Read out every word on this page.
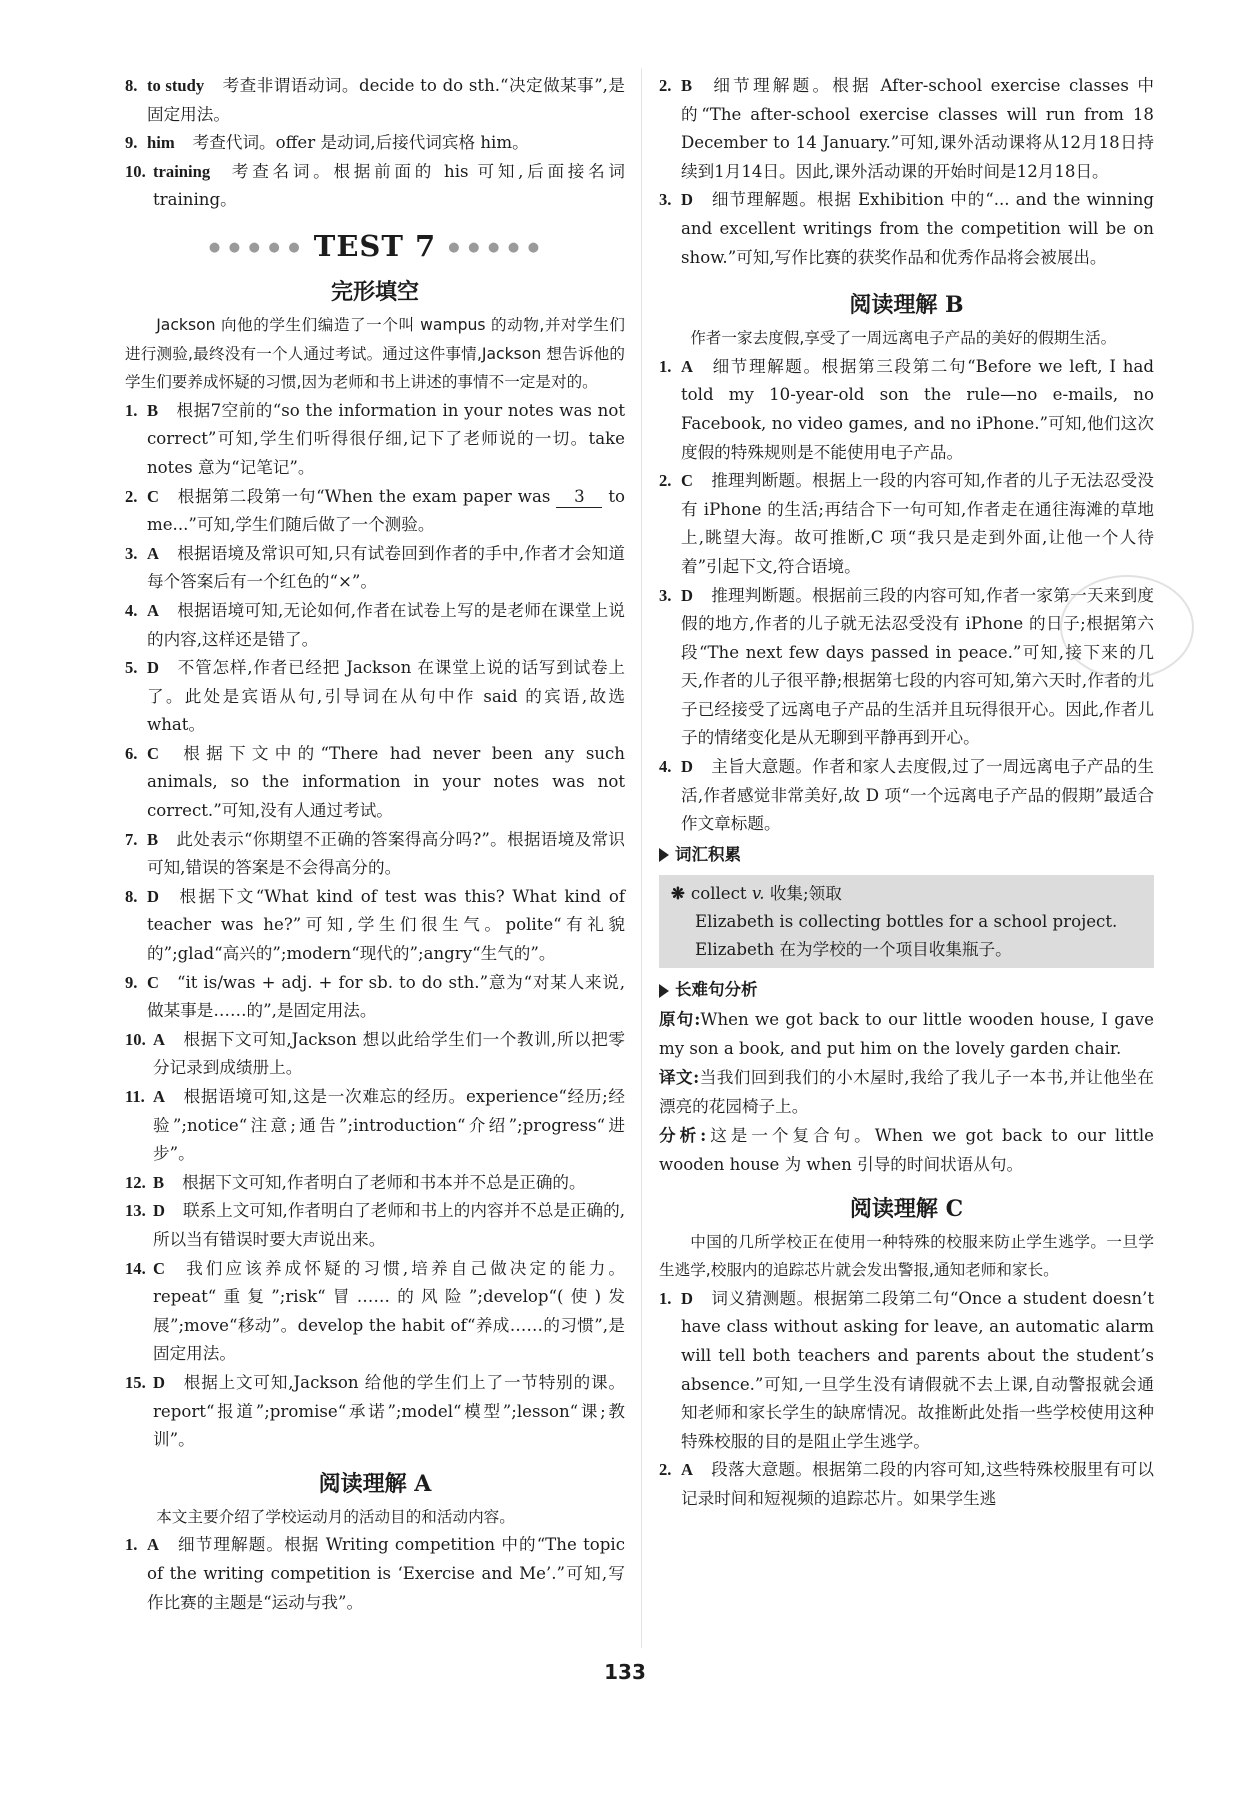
8. to study 考查非谓语动词。decide to do sth.“决定做某事”,是固定用法。
9. him 考查代词。offer 是动词,后接代词宾格 him。
10. training 考查名词。根据前面的 his 可知,后面接名词 training。
● ● ● ● ● TEST 7 ● ● ● ● ●
完形填空
Jackson 向他的学生们编造了一个叫 wampus 的动物,并对学生们进行测验,最终没有一个人通过考试。通过这件事情,Jackson 想告诉他的学生们要养成怀疑的习惯,因为老师和书上讲述的事情不一定是对的。
1. B 根据7空前的“so the information in your notes was not correct”可知,学生们听得很仔细,记下了老师说的一切。take notes 意为“记笔记”。
2. C 根据第二段第一句“When the exam paper was 3 to me...”可知,学生们随后做了一个测验。
3. A 根据语境及常识可知,只有试卷回到作者的手中,作者才会知道每个答案后有一个红色的“×”。
4. A 根据语境可知,无论如何,作者在试卷上写的是老师在课堂上说的内容,这样还是错了。
5. D 不管怎样,作者已经把 Jackson 在课堂上说的话写到试卷上了。此处是宾语从句,引导词在从句中作 said 的宾语,故选 what。
6. C 根据下文中的“There had never been any such animals, so the information in your notes was not correct.”可知,没有人通过考试。
7. B 此处表示“你期望不正确的答案得高分吗?”。根据语境及常识可知,错误的答案是不会得高分的。
8. D 根据下文“What kind of test was this? What kind of teacher was he?”可知,学生们很生气。polite“有礼貌的”;glad“高兴的”;modern“现代的”;angry“生气的”。
9. C “it is/was + adj. + for sb. to do sth.”意为“对某人来说,做某事是……的”,是固定用法。
10. A 根据下文可知,Jackson 想以此给学生们一个教训,所以把零分记录到成绩册上。
11. A 根据语境可知,这是一次难忘的经历。experience“经历;经验”;notice“注意;通告”;introduction“介绍”;progress“进步”。
12. B 根据下文可知,作者明白了老师和书本并不总是正确的。
13. D 联系上文可知,作者明白了老师和书上的内容并不总是正确的,所以当有错误时要大声说出来。
14. C 我们应该养成怀疑的习惯,培养自己做决定的能力。repeat“重复”;risk“冒……的风险”;develop“(使)发展”;move“移动”。develop the habit of“养成……的习惯”,是固定用法。
15. D 根据上文可知,Jackson 给他的学生们上了一节特别的课。report“报道”;promise“承诺”;model“模型”;lesson“课;教训”。
阅读理解 A
本文主要介绍了学校运动月的活动目的和活动内容。
1. A 细节理解题。根据 Writing competition 中的“The topic of the writing competition is ‘Exercise and Me’.”可知,写作比赛的主题是“运动与我”。
2. B 细节理解题。根据 After-school exercise classes 中的“The after-school exercise classes will run from 18 December to 14 January.”可知,课外活动课将从12月18日持续到1月14日。因此,课外活动课的开始时间是12月18日。
3. D 细节理解题。根据 Exhibition 中的“... and the winning and excellent writings from the competition will be on show.”可知,写作比赛的获奖作品和优秀作品将会被展出。
阅读理解 B
作者一家去度假,享受了一周远离电子产品的美好的假期生活。
1. A 细节理解题。根据第三段第二句“Before we left, I had told my 10-year-old son the rule—no e-mails, no Facebook, no video games, and no iPhone.”可知,他们这次度假的特殊规则是不能使用电子产品。
2. C 推理判断题。根据上一段的内容可知,作者的儿子无法忍受没有 iPhone 的生活;再结合下一句可知,作者走在通往海滩的草地上,眺望大海。故可推断,C 项“我只是走到外面,让他一个人待着”引起下文,符合语境。
3. D 推理判断题。根据前三段的内容可知,作者一家第一天来到度假的地方,作者的儿子就无法忍受没有 iPhone 的日子;根据第六段“The next few days passed in peace.”可知,接下来的几天,作者的儿子很平静;根据第七段的内容可知,第六天时,作者的儿子已经接受了远离电子产品的生活并且玩得很开心。因此,作者儿子的情绪变化是从无聊到平静再到开心。
4. D 主旨大意题。作者和家人去度假,过了一周远离电子产品的生活,作者感觉非常美好,故 D 项“一个远离电子产品的假期”最适合作文章标题。
词汇积累
❋ collect v. 收集;领取
Elizabeth is collecting bottles for a school project.
Elizabeth 在为学校的一个项目收集瓶子。
长难句分析
原句:When we got back to our little wooden house, I gave my son a book, and put him on the lovely garden chair.
译文:当我们回到我们的小木屋时,我给了我儿子一本书,并让他坐在漂亮的花园椅子上。
分析:这是一个复合句。When we got back to our little wooden house 为 when 引导的时间状语从句。
阅读理解 C
中国的几所学校正在使用一种特殊的校服来防止学生逃学。一旦学生逃学,校服内的追踪芯片就会发出警报,通知老师和家长。
1. D 词义猜测题。根据第二段第二句“Once a student doesn’t have class without asking for leave, an automatic alarm will tell both teachers and parents about the student’s absence.”可知,一旦学生没有请假就不去上课,自动警报就会通知老师和家长学生的缺席情况。故推断此处指一些学校使用这种特殊校服的目的是阻止学生逃学。
2. A 段落大意题。根据第二段的内容可知,这些特殊校服里有可以记录时间和短视频的追踪芯片。如果学生逃
133
